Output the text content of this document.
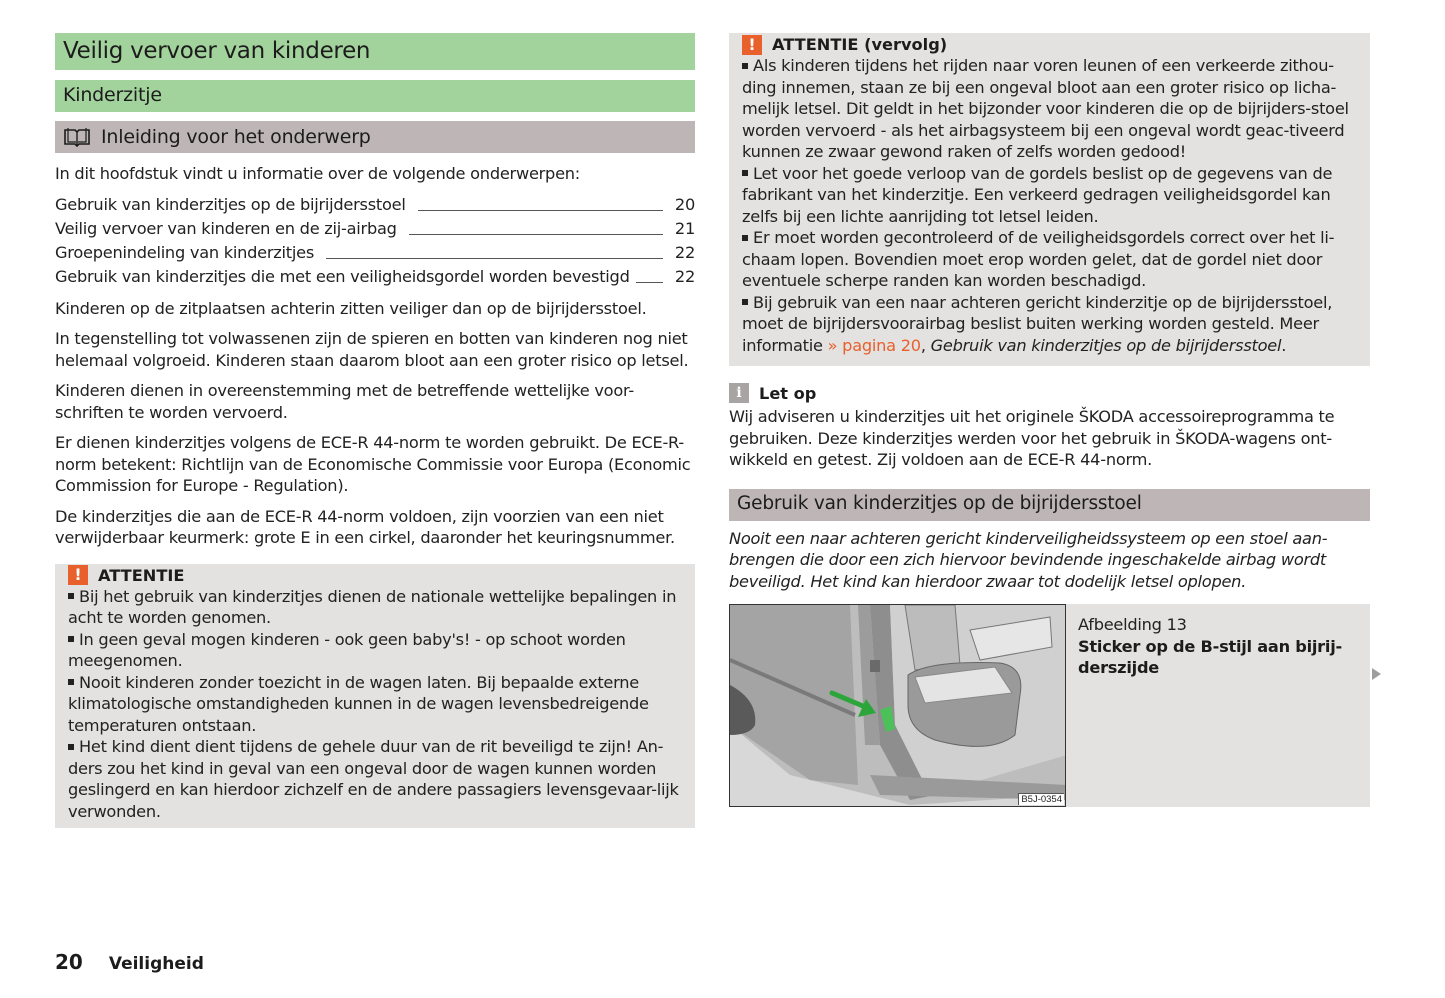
Veilig vervoer van kinderen
Kinderzitje
Inleiding voor het onderwerp

In dit hoofdstuk vindt u informatie over de volgende onderwerpen:

Gebruik van kinderzitjes op de bijrijdersstoel	20
Veilig vervoer van kinderen en de zij-airbag	21
Groepenindeling van kinderzitjes	22
Gebruik van kinderzitjes die met een veiligheidsgordel worden bevestigd	22

Kinderen op de zitplaatsen achterin zitten veiliger dan op de bijrijdersstoel.

In tegenstelling tot volwassenen zijn de spieren en botten van kinderen nog niet helemaal volgroeid. Kinderen staan daarom bloot aan een groter risico op letsel.

Kinderen dienen in overeenstemming met de betreffende wettelijke voor-schriften te worden vervoerd.

Er dienen kinderzitjes volgens de ECE-R 44-norm te worden gebruikt. De ECE-R-norm betekent: Richtlijn van de Economische Commissie voor Europa (Economic Commission for Europe - Regulation).

De kinderzitjes die aan de ECE-R 44-norm voldoen, zijn voorzien van een niet verwijderbaar keurmerk: grote E in een cirkel, daaronder het keuringsnummer.

!	ATTENTIE
Bij het gebruik van kinderzitjes dienen de nationale wettelijke bepalingen in acht te worden genomen.
In geen geval mogen kinderen - ook geen baby's! - op schoot worden meegenomen.
Nooit kinderen zonder toezicht in de wagen laten. Bij bepaalde externe klimatologische omstandigheden kunnen in de wagen levensbedreigende temperaturen ontstaan.
Het kind dient dient tijdens de gehele duur van de rit beveiligd te zijn! An-ders zou het kind in geval van een ongeval door de wagen kunnen worden geslingerd en kan hierdoor zichzelf en de andere passagiers levensgevaar-lijk verwonden.
!	ATTENTIE (vervolg)
Als kinderen tijdens het rijden naar voren leunen of een verkeerde zithou-ding innemen, staan ze bij een ongeval bloot aan een groter risico op licha-melijk letsel. Dit geldt in het bijzonder voor kinderen die op de bijrijders-stoel worden vervoerd - als het airbagsysteem bij een ongeval wordt geac-tiveerd kunnen ze zwaar gewond raken of zelfs worden gedood!
Let voor het goede verloop van de gordels beslist op de gegevens van de fabrikant van het kinderzitje. Een verkeerd gedragen veiligheidsgordel kan zelfs bij een lichte aanrijding tot letsel leiden.
Er moet worden gecontroleerd of de veiligheidsgordels correct over het li-chaam lopen. Bovendien moet erop worden gelet, dat de gordel niet door eventuele scherpe randen kan worden beschadigd.
Bij gebruik van een naar achteren gericht kinderzitje op de bijrijdersstoel, moet de bijrijdersvoorairbag beslist buiten werking worden gesteld. Meer informatie » pagina 20, Gebruik van kinderzitjes op de bijrijdersstoel.
i	Let op

Wij adviseren u kinderzitjes uit het originele ŠKODA accessoireprogramma te gebruiken. Deze kinderzitjes werden voor het gebruik in ŠKODA-wagens ont-wikkeld en getest. Zij voldoen aan de ECE-R 44-norm.

Gebruik van kinderzitjes op de bijrijdersstoel

Nooit een naar achteren gericht kinderveiligheidssysteem op een stoel aan-brengen die door een zich hiervoor bevindende ingeschakelde airbag wordt beveiligd. Het kind kan hierdoor zwaar tot dodelijk letsel oplopen.

B5J-0354
Afbeelding 13
Sticker op de B-stijl aan bijrij-derszijde
20 Veiligheid
